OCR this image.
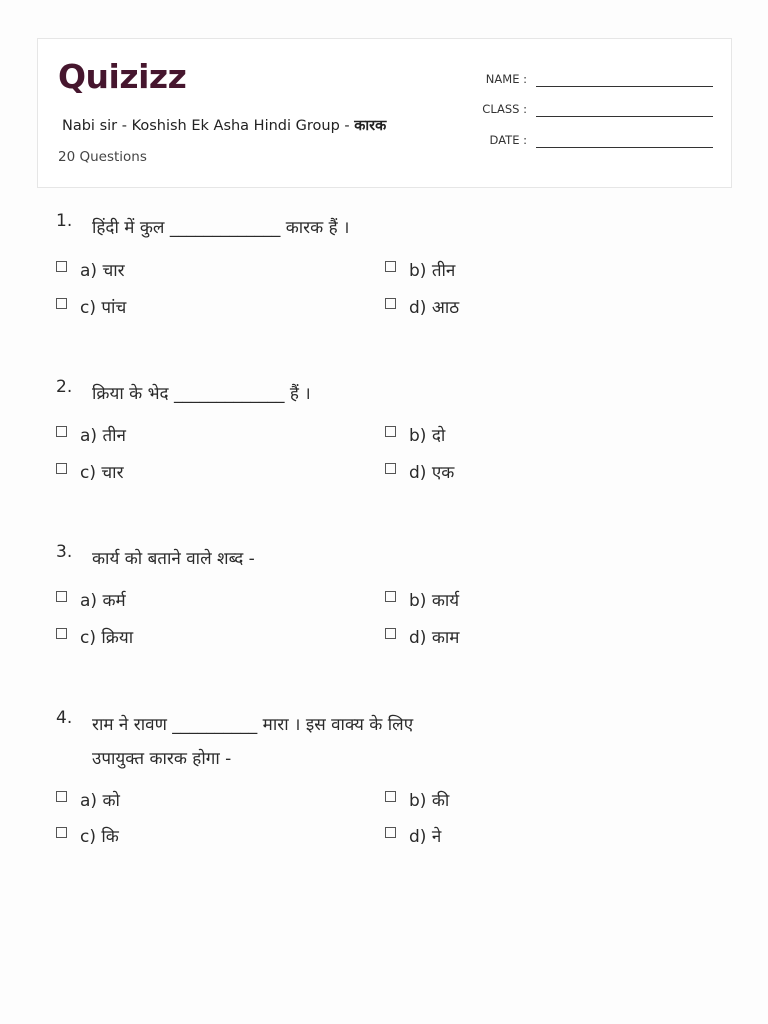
Quizizz
Nabi sir - Koshish Ek Asha Hindi Group - कारक
20 Questions
NAME :
CLASS :
DATE :
1. हिंदी में कुल _____________ कारक हैं ।
a) चार	b) तीन
c) पांच	d) आठ
2. क्रिया के भेद _____________ हैं ।
a) तीन	b) दो
c) चार	d) एक
3. कार्य को बताने वाले शब्द -
a) कर्म	b) कार्य
c) क्रिया	d) काम
4. राम ने रावण __________ मारा । इस वाक्य के लिए उपायुक्त कारक होगा -
a) को	b) की
c) कि	d) ने
